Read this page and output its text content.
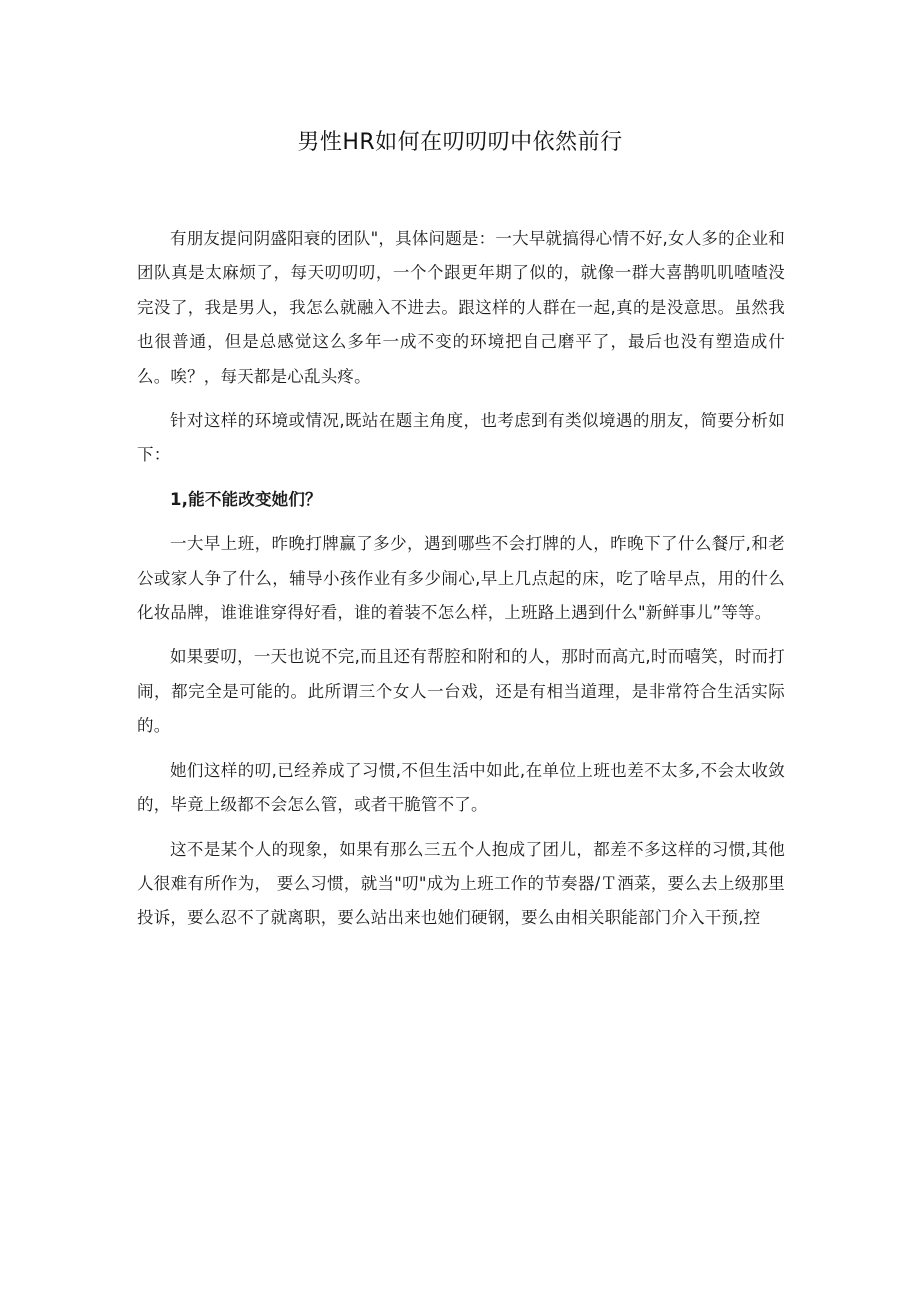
男性HR如何在叨叨叨中依然前行

有朋友提问阴盛阳衰的团队"，具体问题是：一大早就搞得心情不好,女人多的企业和团队真是太麻烦了，每天叨叨叨，一个个跟更年期了似的，就像一群大喜鹊叽叽喳喳没完没了，我是男人，我怎么就融入不进去。跟这样的人群在一起,真的是没意思。虽然我也很普通，但是总感觉这么多年一成不变的环境把自己磨平了，最后也没有塑造成什么。唉？，每天都是心乱头疼。

针对这样的环境或情况,既站在题主角度，也考虑到有类似境遇的朋友，简要分析如下：

1,能不能改变她们？

一大早上班，昨晚打牌赢了多少，遇到哪些不会打牌的人，昨晚下了什么餐厅,和老公或家人争了什么，辅导小孩作业有多少闹心,早上几点起的床，吃了啥早点，用的什么化妆品牌，谁谁谁穿得好看，谁的着装不怎么样，上班路上遇到什么"新鲜事儿”等等。

如果要叨，一天也说不完,而且还有帮腔和附和的人，那时而高亢,时而嘻笑，时而打闹，都完全是可能的。此所谓三个女人一台戏，还是有相当道理，是非常符合生活实际的。

她们这样的叨,已经养成了习惯,不但生活中如此,在单位上班也差不太多,不会太收敛的，毕竟上级都不会怎么管，或者干脆管不了。

这不是某个人的现象，如果有那么三五个人抱成了团儿，都差不多这样的习惯,其他人很难有所作为， 要么习惯，就当"叨"成为上班工作的节奏器/Ｔ酒菜，要么去上级那里投诉，要么忍不了就离职，要么站出来也她们硬钢，要么由相关职能部门介入干预,控
